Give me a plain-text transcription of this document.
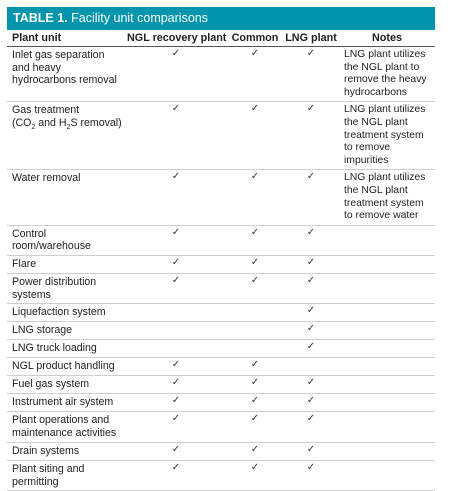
TABLE 1. Facility unit comparisons
Plant unit	NGL recovery plant	Common	LNG plant	Notes
Inlet gas separation and heavy hydrocarbons removal	✓	✓	✓	LNG plant utilizes the NGL plant to remove the heavy hydrocarbons
Gas treatment
($CO_2$ and $H_2S$ removal)	✓	✓	✓	LNG plant utilizes the NGL plant treatment system to remove impurities
Water removal	✓	✓	✓	LNG plant utilizes the NGL plant treatment system to remove water
Control room/warehouse	✓	✓	✓	
Flare	✓	✓	✓	
Power distribution systems	✓	✓	✓	
Liquefaction system			✓	
LNG storage			✓	
LNG truck loading			✓	
NGL product handling	✓	✓		
Fuel gas system	✓	✓	✓	
Instrument air system	✓	✓	✓	
Plant operations and maintenance activities	✓	✓	✓	
Drain systems	✓	✓	✓	
Plant siting and permitting	✓	✓	✓	
